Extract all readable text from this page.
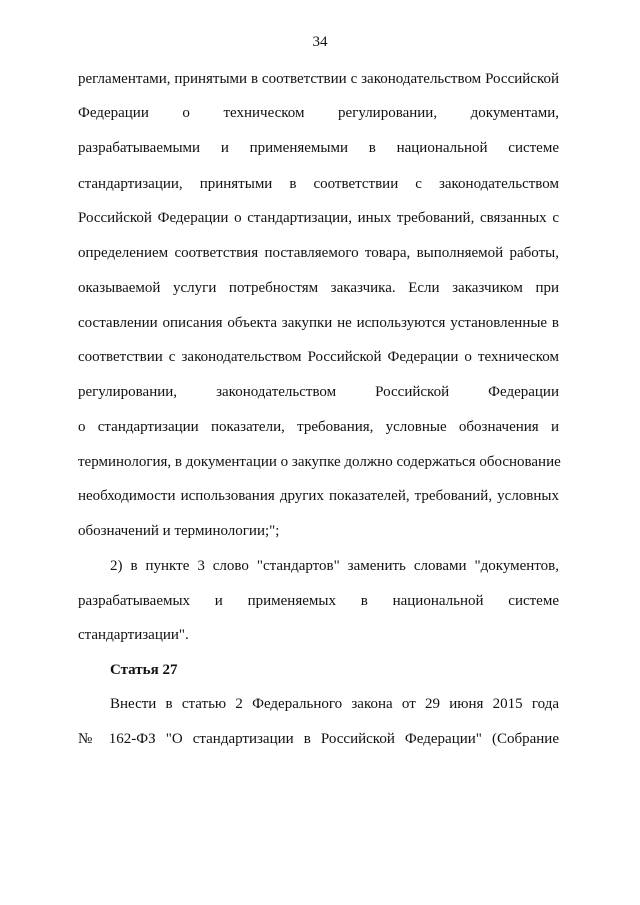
34
регламентами, принятыми в соответствии с законодательством Российской
Федерации о техническом регулировании, документами,
разрабатываемыми и применяемыми в национальной системе
стандартизации, принятыми в соответствии с законодательством
Российской Федерации о стандартизации, иных требований, связанных с
определением соответствия поставляемого товара, выполняемой работы,
оказываемой услуги потребностям заказчика. Если заказчиком при
составлении описания объекта закупки не используются установленные в
соответствии с законодательством Российской Федерации о техническом
регулировании, законодательством Российской Федерации
о стандартизации показатели, требования, условные обозначения и
терминология, в документации о закупке должно содержаться обоснование
необходимости использования других показателей, требований, условных
обозначений и терминологии;";
2) в пункте 3 слово "стандартов" заменить словами "документов,
разрабатываемых и применяемых в национальной системе
стандартизации".
Статья 27
Внести в статью 2 Федерального закона от 29 июня 2015 года
№ 162-ФЗ "О стандартизации в Российской Федерации" (Собрание
